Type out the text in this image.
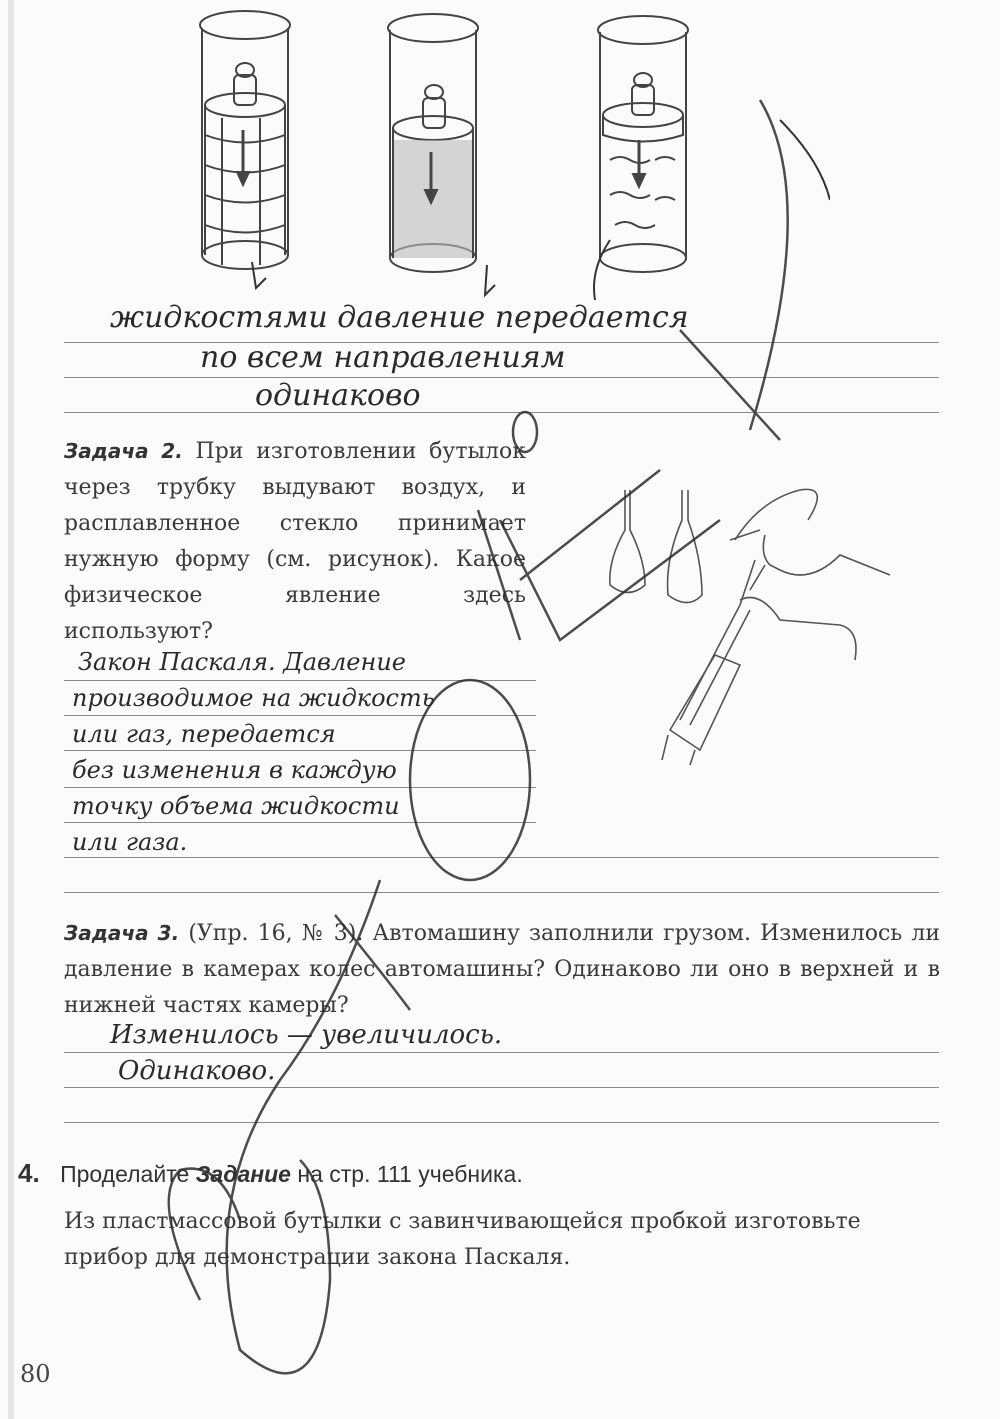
жидкостями давление передается
по всем направлениям
одинаково
Задача 2. При изготовлении бутылок через трубку выдувают воздух, и расплавленное стекло принимает нужную форму (см. рисунок). Какое физическое явление здесь используют?
Закон Паскаля. Давление
производимое на жидкость
или газ, передается
без изменения в каждую
точку объема жидкости
или газа.
Задача 3. (Упр. 16, № 3). Автомашину заполнили грузом. Изменилось ли давление в камерах колес автомашины? Одинаково ли оно в верхней и в нижней частях камеры?
Изменилось — увеличилось.
Одинаково.
4. Проделайте Задание на стр. 111 учебника.
Из пластмассовой бутылки с завинчивающейся пробкой изготовьте прибор для демонстрации закона Паскаля.
80
